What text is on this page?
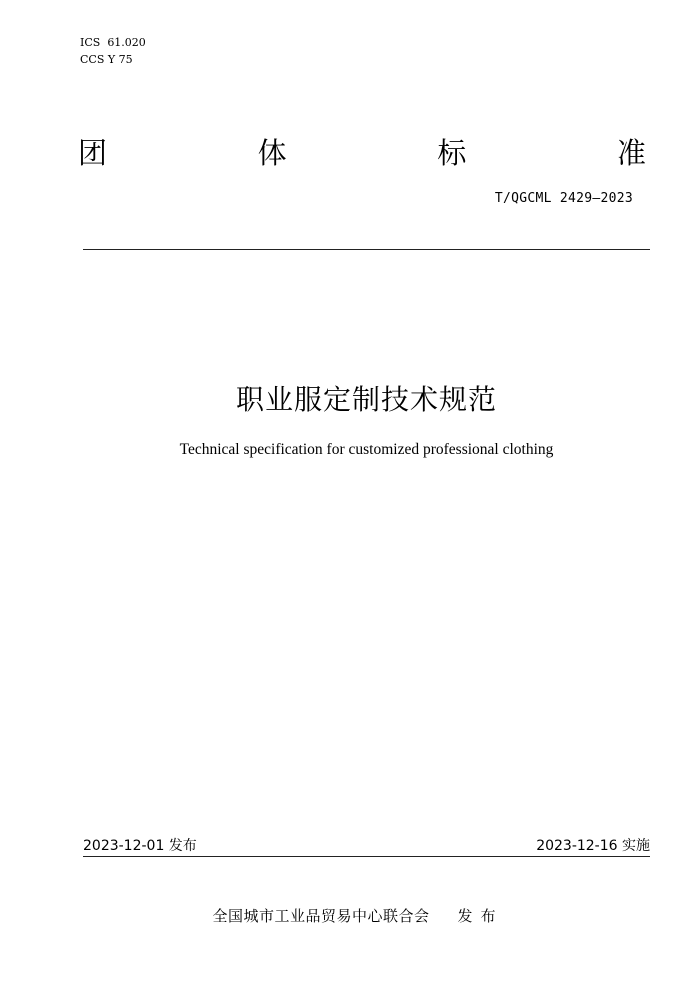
ICS 61.020
CCS Y 75
团	体	标	准
T/QGCML 2429—2023
职业服定制技术规范
Technical specification for customized professional clothing
2023-12-01 发布	2023-12-16 实施
全国城市工业品贸易中心联合会 发布
